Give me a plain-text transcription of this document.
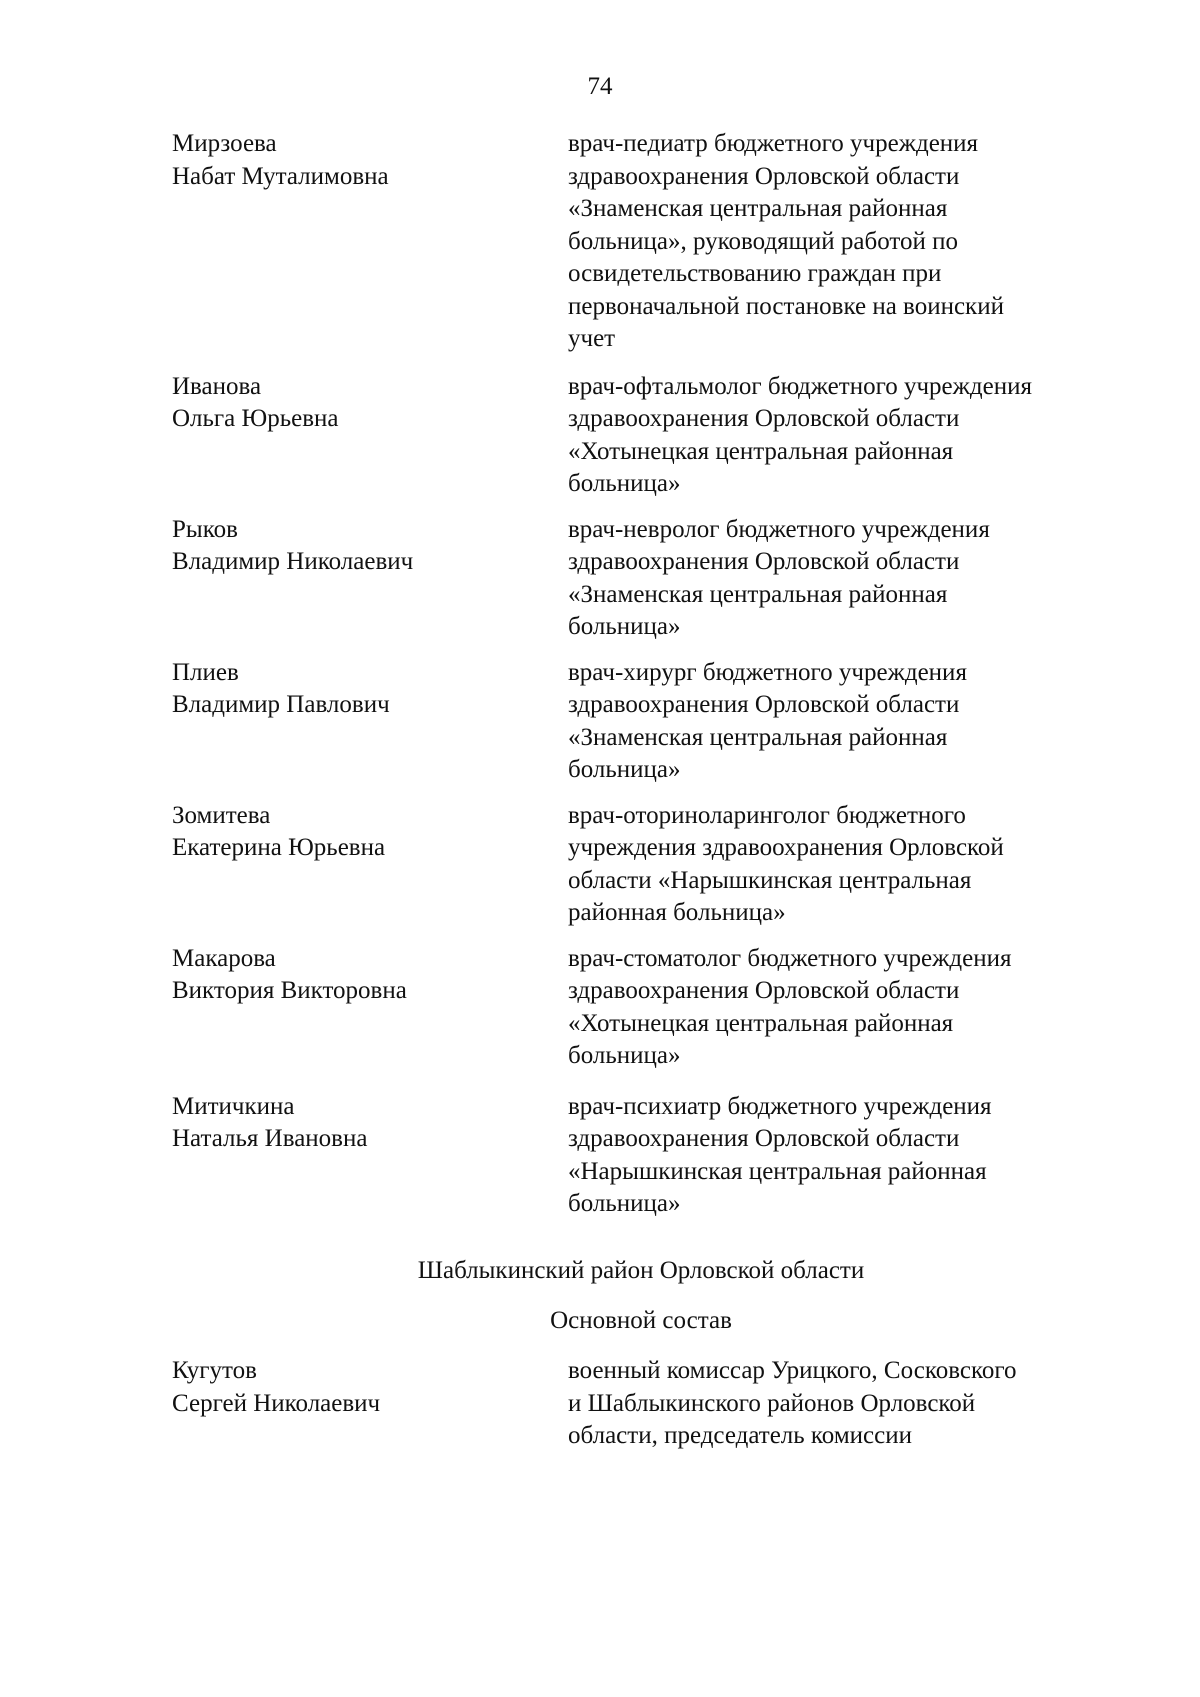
74
Мирзоева
Набат Муталимовна
врач-педиатр бюджетного учреждения
здравоохранения Орловской области
«Знаменская центральная районная
больница», руководящий работой по
освидетельствованию граждан при
первоначальной постановке на воинский
учет
Иванова
Ольга Юрьевна
врач-офтальмолог бюджетного учреждения
здравоохранения Орловской области
«Хотынецкая центральная районная
больница»
Рыков
Владимир Николаевич
врач-невролог бюджетного учреждения
здравоохранения Орловской области
«Знаменская центральная районная
больница»
Плиев
Владимир Павлович
врач-хирург бюджетного учреждения
здравоохранения Орловской области
«Знаменская центральная районная
больница»
Зомитева
Екатерина Юрьевна
врач-оториноларинголог бюджетного
учреждения здравоохранения Орловской
области «Нарышкинская центральная
районная больница»
Макарова
Виктория Викторовна
врач-стоматолог бюджетного учреждения
здравоохранения Орловской области
«Хотынецкая центральная районная
больница»
Митичкина
Наталья Ивановна
врач-психиатр бюджетного учреждения
здравоохранения Орловской области
«Нарышкинская центральная районная
больница»
Шаблыкинский район Орловской области
Основной состав
Кугутов
Сергей Николаевич
военный комиссар Урицкого, Сосковского
и Шаблыкинского районов Орловской
области, председатель комиссии
